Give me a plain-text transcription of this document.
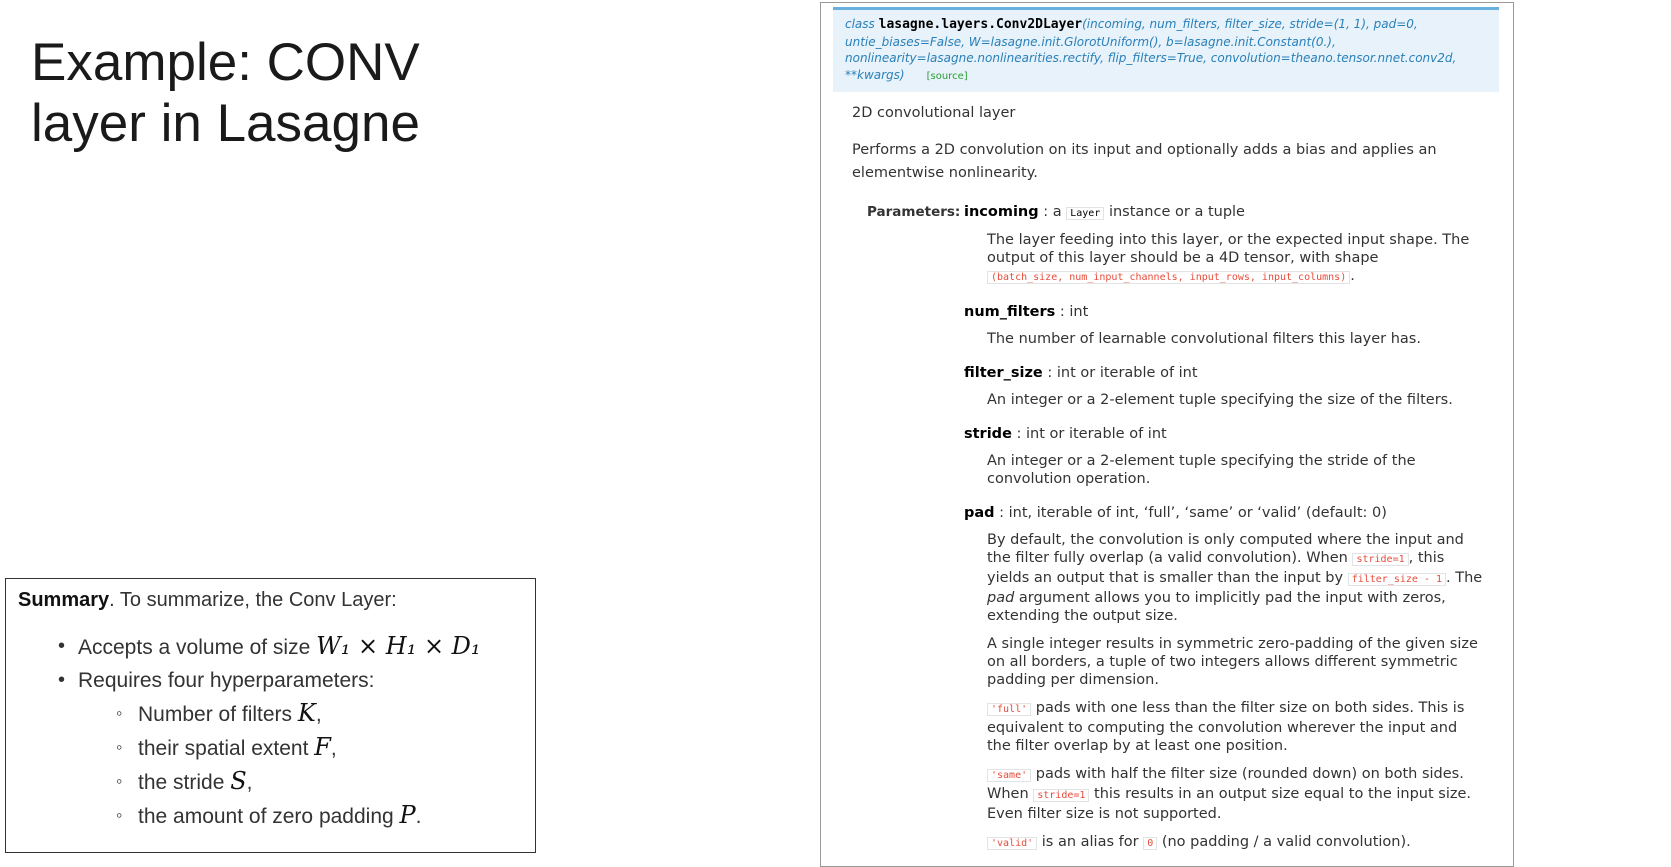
Example: CONV
layer in Lasagne
Summary. To summarize, the Conv Layer:
• Accepts a volume of size W₁ × H₁ × D₁
• Requires four hyperparameters:
◦ Number of filters K,
◦ their spatial extent F,
◦ the stride S,
◦ the amount of zero padding P.
class lasagne.layers.Conv2DLayer(incoming, num_filters, filter_size, stride=(1, 1), pad=0, untie_biases=False, W=lasagne.init.GlorotUniform(), b=lasagne.init.Constant(0.), nonlinearity=lasagne.nonlinearities.rectify, flip_filters=True, convolution=theano.tensor.nnet.conv2d, **kwargs) [source]

2D convolutional layer

Performs a 2D convolution on its input and optionally adds a bias and applies an elementwise nonlinearity.

Parameters: incoming : a Layer instance or a tuple
The layer feeding into this layer, or the expected input shape. The output of this layer should be a 4D tensor, with shape
(batch_size, num_input_channels, input_rows, input_columns) .
num_filters : int
The number of learnable convolutional filters this layer has.
filter_size : int or iterable of int
An integer or a 2-element tuple specifying the size of the filters.
stride : int or iterable of int
An integer or a 2-element tuple specifying the stride of the convolution operation.
pad : int, iterable of int, ‘full’, ‘same’ or ‘valid’ (default: 0)
By default, the convolution is only computed where the input and the filter fully overlap (a valid convolution). When stride=1 , this yields an output that is smaller than the input by filter_size - 1 . The pad argument allows you to implicitly pad the input with zeros, extending the output size.
A single integer results in symmetric zero-padding of the given size on all borders, a tuple of two integers allows different symmetric padding per dimension.
'full' pads with one less than the filter size on both sides. This is equivalent to computing the convolution wherever the input and the filter overlap by at least one position.
'same' pads with half the filter size (rounded down) on both sides. When stride=1 this results in an output size equal to the input size. Even filter size is not supported.
'valid' is an alias for 0 (no padding / a valid convolution).
